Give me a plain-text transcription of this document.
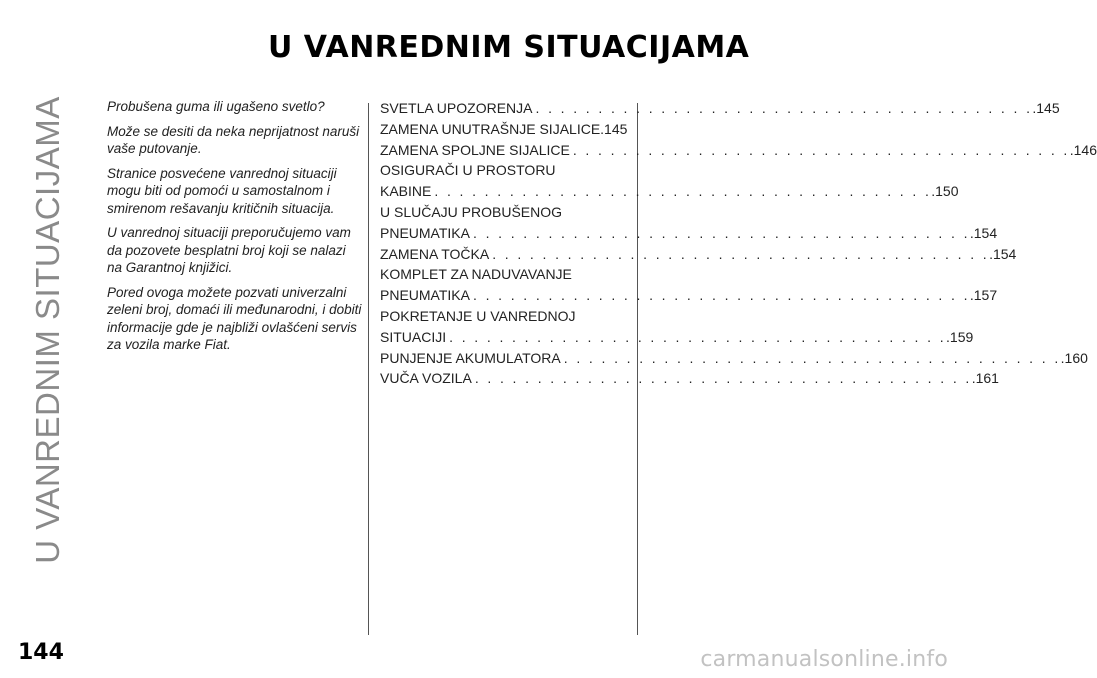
U VANREDNIM SITUACIJAMA
U VANREDNIM SITUACIJAMA

Probušena guma ili ugašeno svetlo?

Može se desiti da neka neprijatnost naruši vaše putovanje.

Stranice posvećene vanrednoj situaciji mogu biti od pomoći u samostalnom i smirenom rešavanju kritičnih situacija.

U vanrednoj situaciji preporučujemo vam da pozovete besplatni broj koji se nalazi na Garantnoj knjižici.

Pored ovoga možete pozvati univerzalni zeleni broj, domaći ili međunarodni, i dobiti informacije gde je najbliži ovlašćeni servis za vozila marke Fiat.

SVETLA UPOZORENJA . . . . . . . . . . . . . . . . . . . . . . . . . . . . . . . . . . . . . . . . .145
ZAMENA UNUTRAŠNJE SIJALICE .145
ZAMENA SPOLJNE SIJALICE . . . . . . . . . . . . . . . . . . . . . . . . . . . . . . . . . . . . . . . . .146
OSIGURAČI U PROSTORU
KABINE . . . . . . . . . . . . . . . . . . . . . . . . . . . . . . . . . . . . . . . . .150
U SLUČAJU PROBUŠENOG
PNEUMATIKA . . . . . . . . . . . . . . . . . . . . . . . . . . . . . . . . . . . . . . . . .154
ZAMENA TOČKA . . . . . . . . . . . . . . . . . . . . . . . . . . . . . . . . . . . . . . . . .154
KOMPLET ZA NADUVAVANJE
PNEUMATIKA . . . . . . . . . . . . . . . . . . . . . . . . . . . . . . . . . . . . . . . . .157
POKRETANJE U VANREDNOJ
SITUACIJI . . . . . . . . . . . . . . . . . . . . . . . . . . . . . . . . . . . . . . . . .159
PUNJENJE AKUMULATORA . . . . . . . . . . . . . . . . . . . . . . . . . . . . . . . . . . . . . . . . .160
VUČA VOZILA . . . . . . . . . . . . . . . . . . . . . . . . . . . . . . . . . . . . . . . . .161
144	carmanualsonline.info
